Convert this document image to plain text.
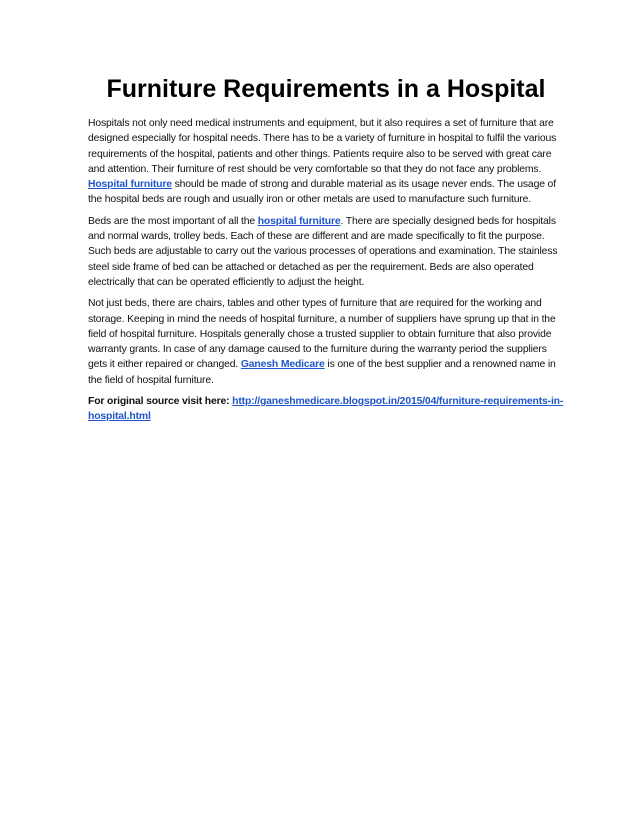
Furniture Requirements in a Hospital

Hospitals not only need medical instruments and equipment, but it also requires a set of furniture that are designed especially for hospital needs. There has to be a variety of furniture in hospital to fulfil the various requirements of the hospital, patients and other things. Patients require also to be served with great care and attention. Their furniture of rest should be very comfortable so that they do not face any problems. Hospital furniture should be made of strong and durable material as its usage never ends. The usage of the hospital beds are rough and usually iron or other metals are used to manufacture such furniture.

Beds are the most important of all the hospital furniture. There are specially designed beds for hospitals and normal wards, trolley beds. Each of these are different and are made specifically to fit the purpose. Such beds are adjustable to carry out the various processes of operations and examination. The stainless steel side frame of bed can be attached or detached as per the requirement. Beds are also operated electrically that can be operated efficiently to adjust the height.

Not just beds, there are chairs, tables and other types of furniture that are required for the working and storage. Keeping in mind the needs of hospital furniture, a number of suppliers have sprung up that in the field of hospital furniture. Hospitals generally chose a trusted supplier to obtain furniture that also provide warranty grants. In case of any damage caused to the furniture during the warranty period the suppliers gets it either repaired or changed. Ganesh Medicare is one of the best supplier and a renowned name in the field of hospital furniture.

For original source visit here: http://ganeshmedicare.blogspot.in/2015/04/furniture-requirements-in-hospital.html
